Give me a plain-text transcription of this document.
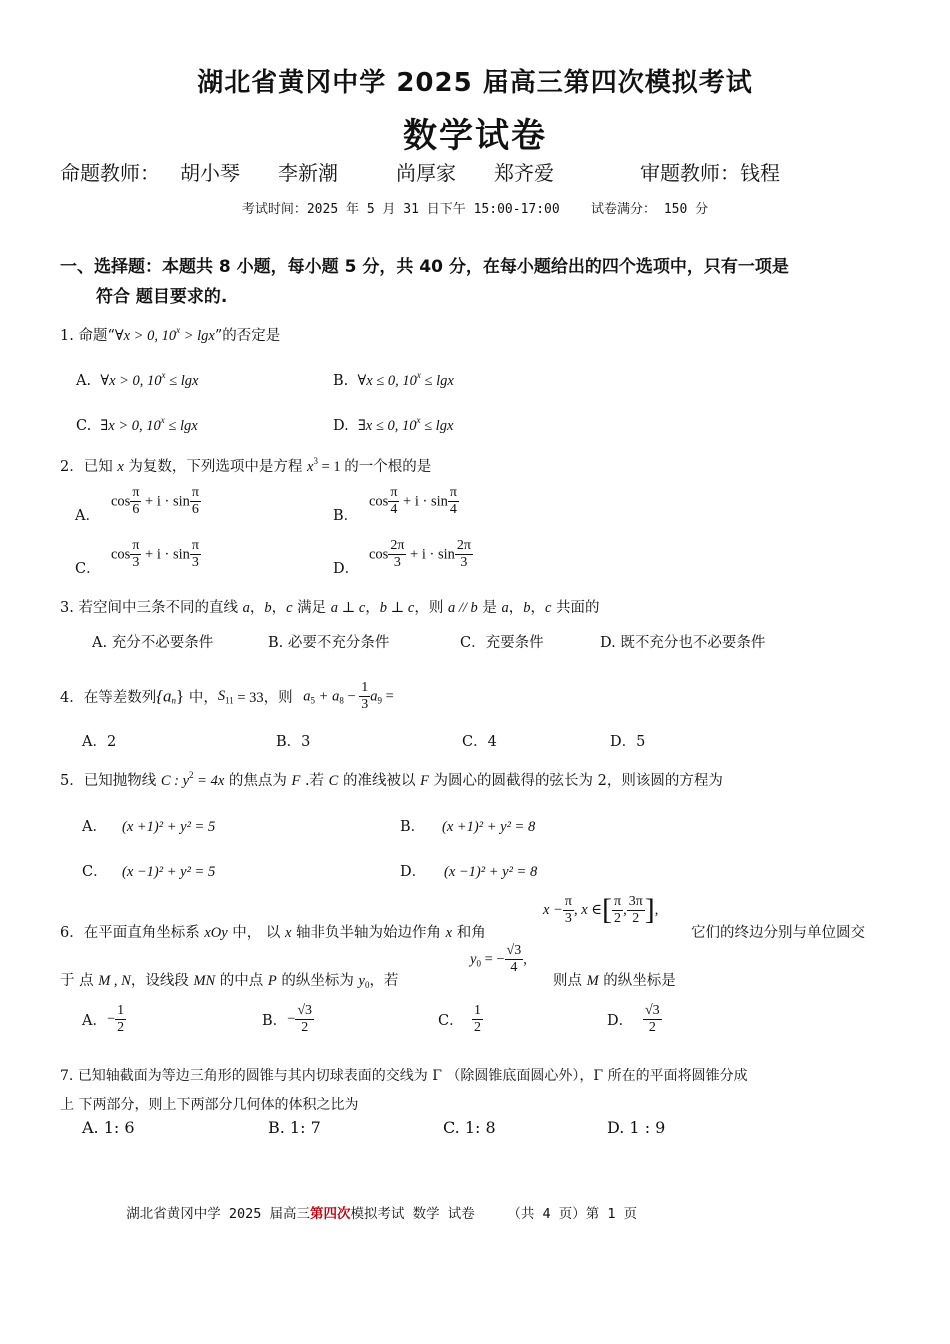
湖北省黄冈中学 2025 届高三第四次模拟考试
数学试卷
命题教师： 胡小琴 李新潮	尚厚家 郑齐爱	审题教师：钱程
考试时间：2025 年 5 月 31 日下午 15:00-17:00    试卷满分： 150 分
一、选择题：本题共 8 小题，每小题 5 分，共 40 分，在每小题给出的四个选项中，只有一项是
符合 题目要求的.
1. 命题“∀x > 0, $10^x > \lg x$”的否定是
A. ∀x > 0, $10^x \le \lg x$	B. ∀x ≤ 0, $10^x \le \lg x$
C. ∃x > 0, $10^x \le \lg x$	D. ∃x ≤ 0, $10^x \le \lg x$
2．已知 x 为复数，下列选项中是方程 $x^3 = 1$ 的一个根的是
A．$\cos \frac{\pi}{6} + i \cdot \sin \frac{\pi}{6}$	B．$\cos \frac{\pi}{4} + i \cdot \sin \frac{\pi}{4}$
C．$\cos \frac{\pi}{3} + i \cdot \sin \frac{\pi}{3}$	D．$\cos \frac{2\pi}{3} + i \cdot \sin \frac{2\pi}{3}$
3. 若空间中三条不同的直线 a，b，c 满足 a ⊥ c，b ⊥ c，则 a // b 是 a，b，c 共面的
A. 充分不必要条件	B. 必要不充分条件	C．充要条件	D. 既不充分也不必要条件
4．在等差数列$\{a_n\}$ 中，$S_{11} = 33$，则 $a_5 + a_8 - \frac{1}{3} a_9$ =
A．2	B．3	C．4	D．5
5．已知抛物线 C : $y^2 = 4x$ 的焦点为 F .若 C 的准线被以 F 为圆心的圆截得的弦长为 2，则该圆的方程为
A． (x +1)² + y² = 5	B． (x +1)² + y² = 8
C． (x −1)² + y² = 5	D． (x −1)² + y² = 8
6．在平面直角坐标系 xOy 中， 以 x 轴非负半轴为始边作角 x 和角
$x - \frac{\pi}{3}$ , x ∈[ $\frac{\pi}{2}$ , $\frac{3\pi}{2}$ ],
它们的终边分别与单位圆交
于 点 M , N，设线段 MN 的中点 P 的纵坐标为 $y_0$，若
$y_0$ = − $\frac{√3}{4}$ ,
则点 M 的纵坐标是
A．− $\frac{1}{2}$	B．− $\frac{√3}{2}$	C． $\frac{1}{2}$	D． $\frac{√3}{2}$
7. 已知轴截面为等边三角形的圆锥与其内切球表面的交线为 Γ （除圆锥底面圆心外），Γ 所在的平面将圆锥分成
上 下两部分，则上下两部分几何体的体积之比为
A. 1: 6	B. 1: 7	C. 1: 8	D. 1 : 9

湖北省黄冈中学 2025 届高三第四次模拟考试 数学 试卷    （共 4 页）第 1 页
